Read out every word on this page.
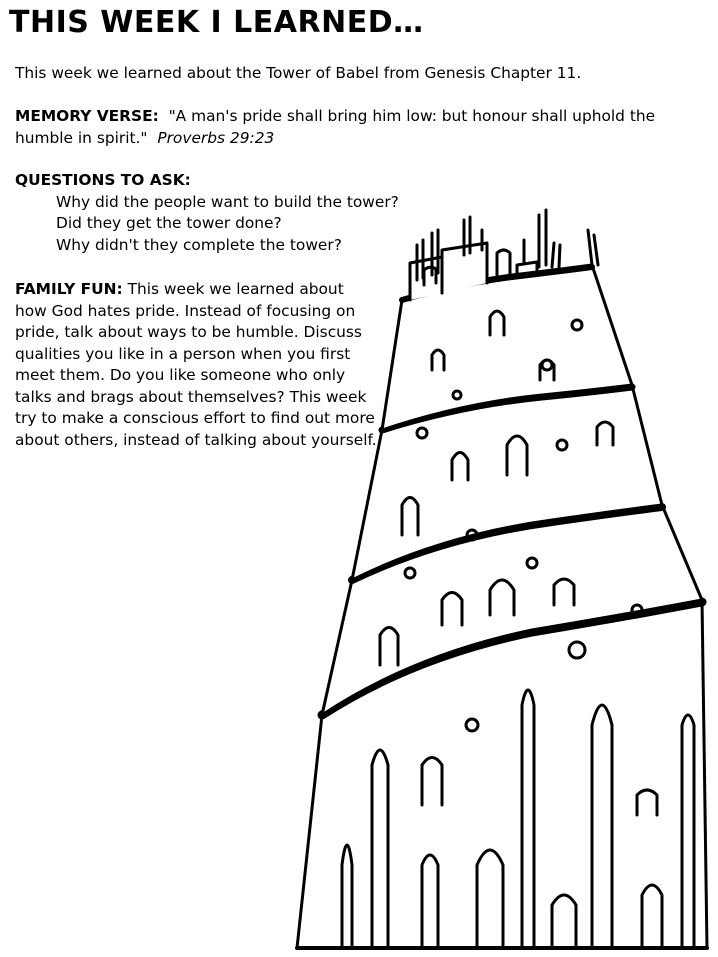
THIS WEEK I LEARNED…

This week we learned about the Tower of Babel from Genesis Chapter 11.

MEMORY VERSE: "A man's pride shall bring him low: but honour shall uphold the humble in spirit." Proverbs 29:23

QUESTIONS TO ASK:
Why did the people want to build the tower?
Did they get the tower done?
Why didn't they complete the tower?

FAMILY FUN: This week we learned about how God hates pride. Instead of focusing on pride, talk about ways to be humble. Discuss qualities you like in a person when you first meet them. Do you like someone who only talks and brags about themselves? This week try to make a conscious effort to find out more about others, instead of talking about yourself.
